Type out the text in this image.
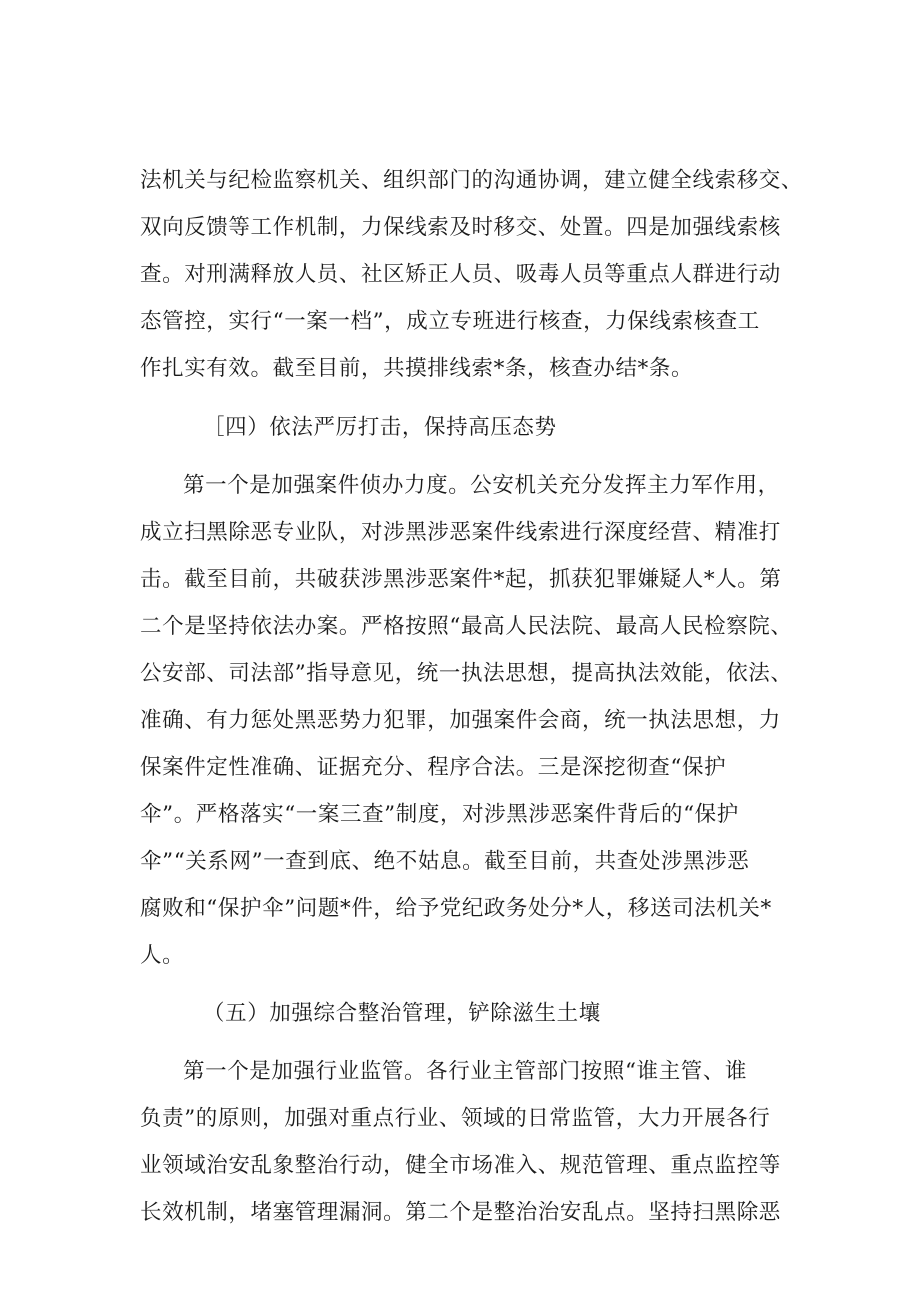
法机关与纪检监察机关、组织部门的沟通协调，建立健全线索移交、
双向反馈等工作机制，力保线索及时移交、处置。四是加强线索核
查。对刑满释放人员、社区矫正人员、吸毒人员等重点人群进行动
态管控，实行“一案一档”，成立专班进行核查，力保线索核查工
作扎实有效。截至目前，共摸排线索*条，核查办结*条。
［四）依法严厉打击，保持高压态势
第一个是加强案件侦办力度。公安机关充分发挥主力军作用，
成立扫黑除恶专业队，对涉黑涉恶案件线索进行深度经营、精准打
击。截至目前，共破获涉黑涉恶案件*起，抓获犯罪嫌疑人*人。第
二个是坚持依法办案。严格按照“最高人民法院、最高人民检察院、
公安部、司法部”指导意见，统一执法思想，提高执法效能，依法、
准确、有力惩处黑恶势力犯罪，加强案件会商，统一执法思想，力
保案件定性准确、证据充分、程序合法。三是深挖彻查“保护
伞”。严格落实“一案三查”制度，对涉黑涉恶案件背后的“保护
伞”“关系网”一查到底、绝不姑息。截至目前，共查处涉黑涉恶
腐败和“保护伞”问题*件，给予党纪政务处分*人，移送司法机关*
人。
（五）加强综合整治管理，铲除滋生土壤
第一个是加强行业监管。各行业主管部门按照“谁主管、谁
负责”的原则，加强对重点行业、领域的日常监管，大力开展各行
业领域治安乱象整治行动，健全市场准入、规范管理、重点监控等
长效机制，堵塞管理漏洞。第二个是整治治安乱点。坚持扫黑除恶
